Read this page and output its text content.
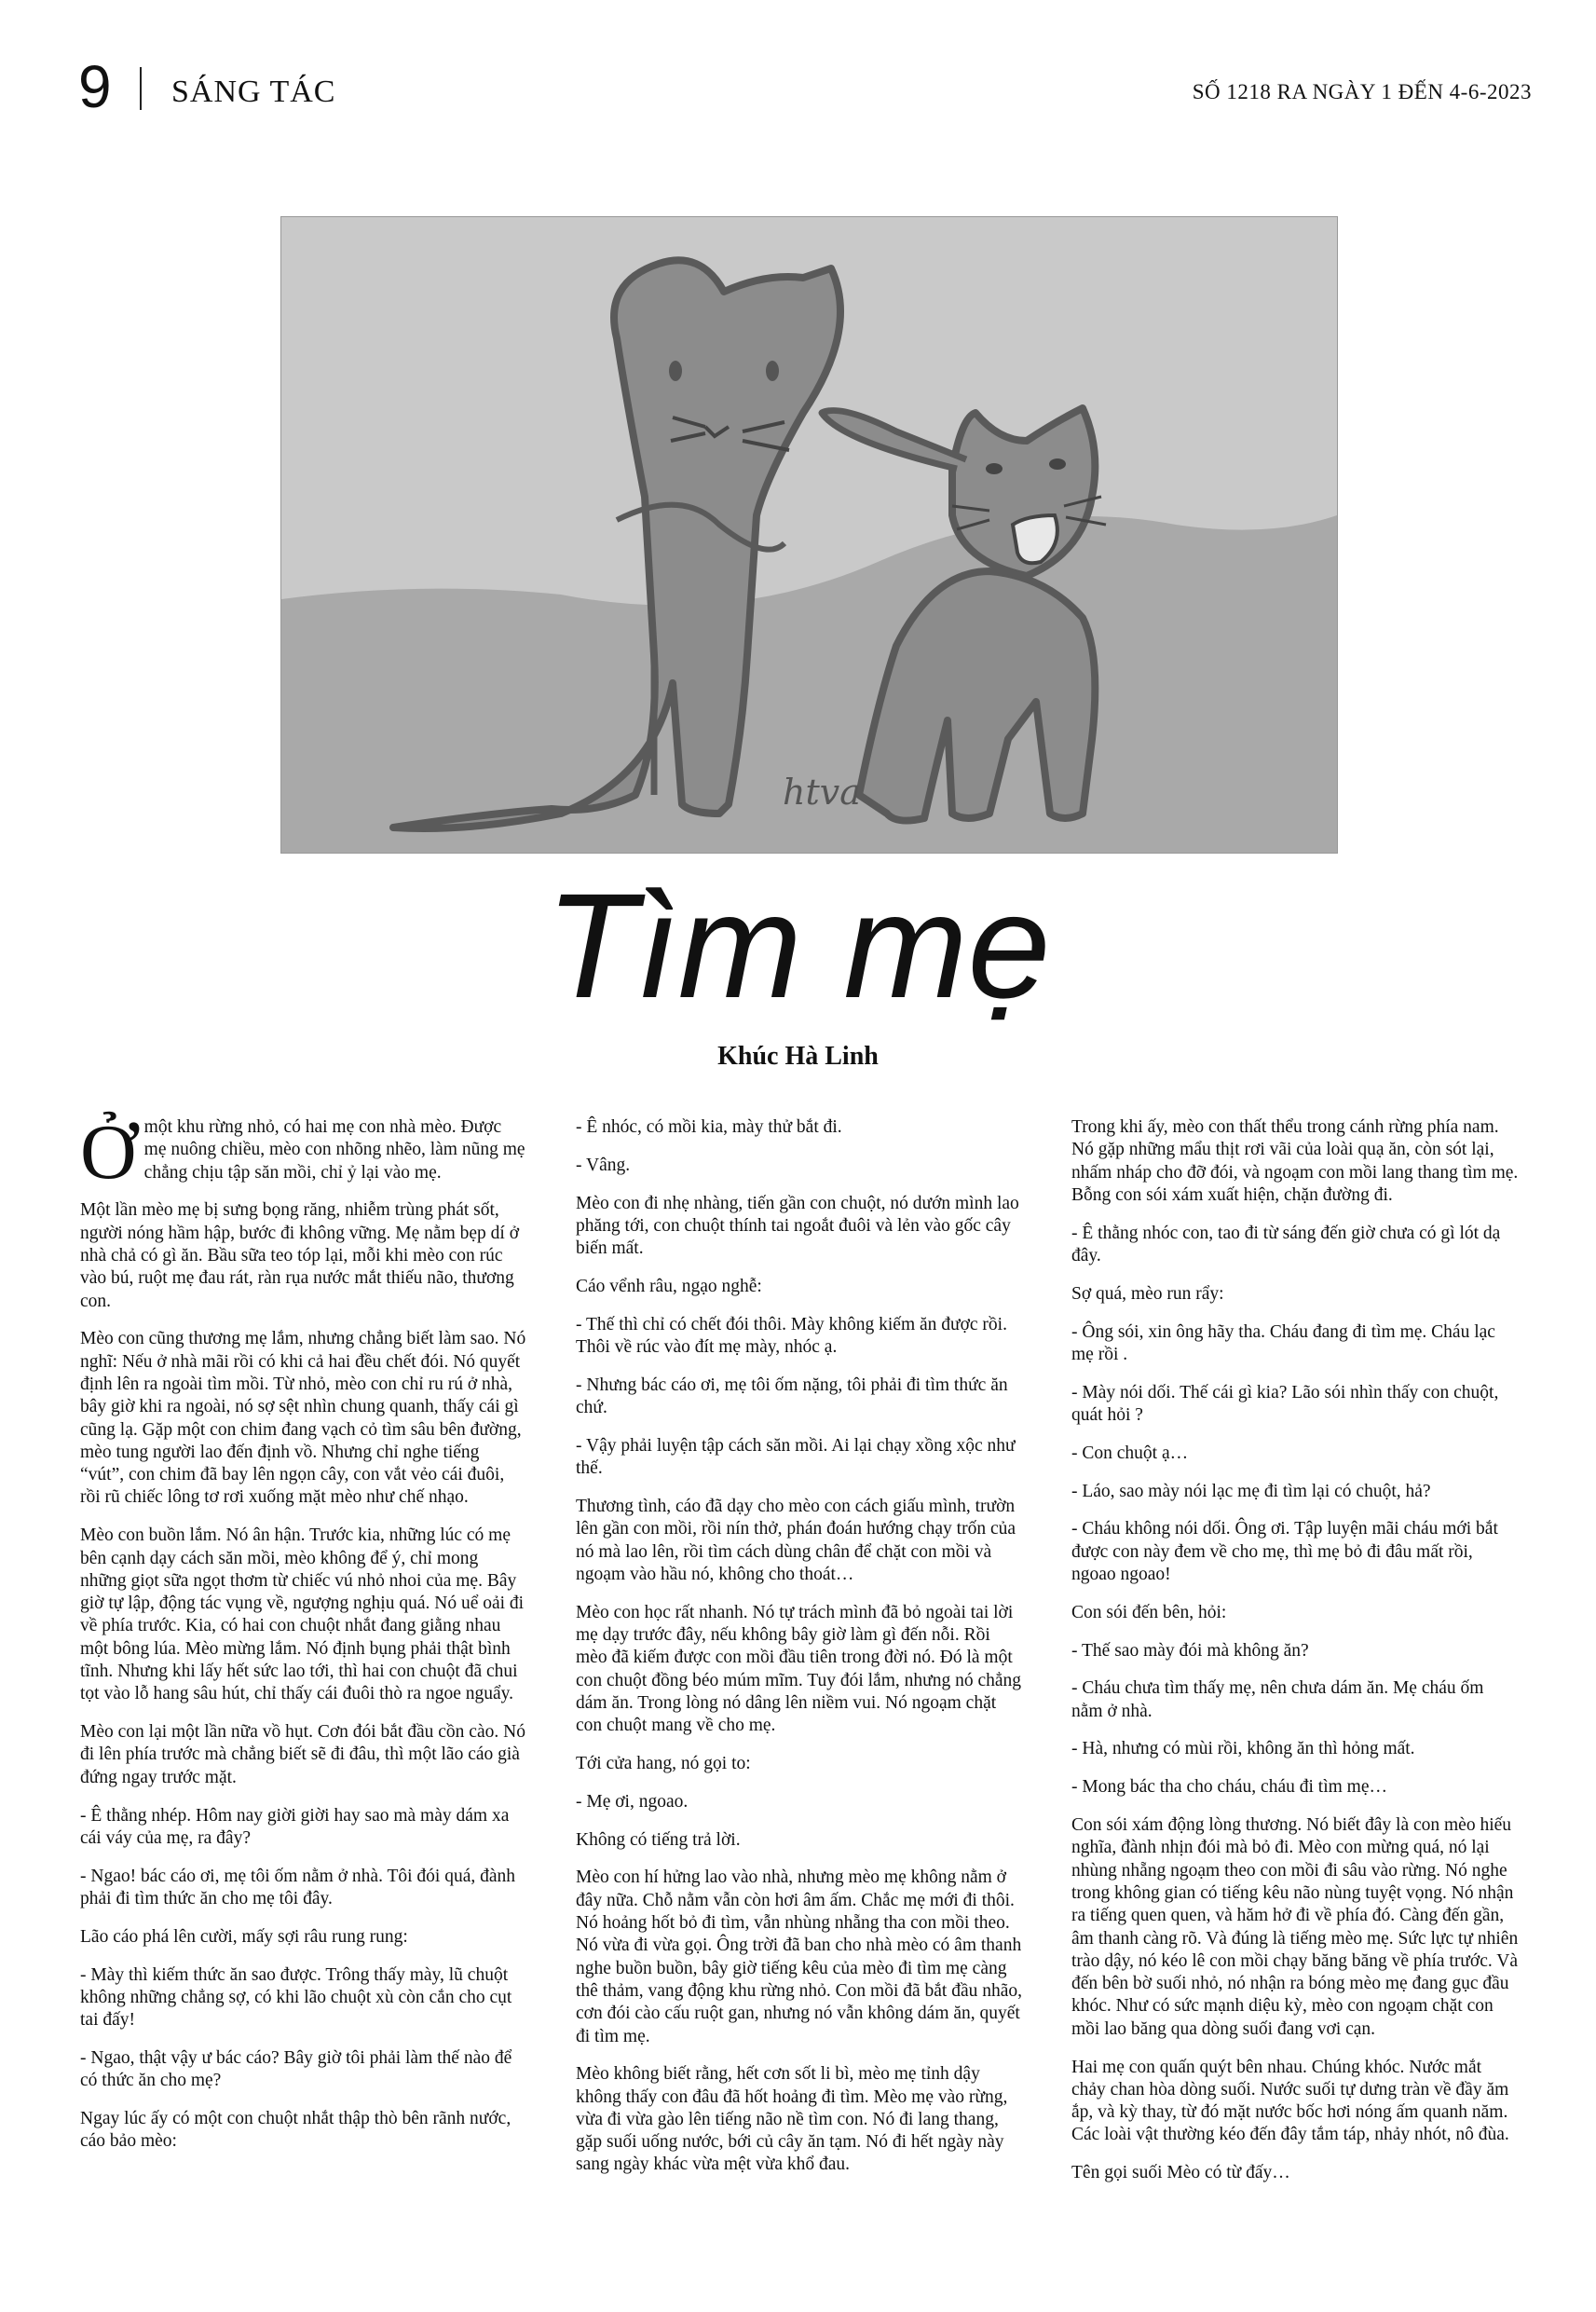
9 SÁNG TÁC	SỐ 1218 RA NGÀY 1 ĐẾN 4-6-2023
htva
Tìm mẹ
Khúc Hà Linh

Ởmột khu rừng nhỏ, có hai mẹ con nhà mèo. Được mẹ nuông chiều, mèo con nhõng nhẽo, làm nũng mẹ chẳng chịu tập săn mồi, chỉ ỷ lại vào mẹ.

Một lần mèo mẹ bị sưng bọng răng, nhiễm trùng phát sốt, người nóng hầm hập, bước đi không vững. Mẹ nằm bẹp dí ở nhà chả có gì ăn. Bầu sữa teo tóp lại, mỗi khi mèo con rúc vào bú, ruột mẹ đau rát, ràn rụa nước mắt thiếu não, thương con.

Mèo con cũng thương mẹ lắm, nhưng chẳng biết làm sao. Nó nghĩ: Nếu ở nhà mãi rồi có khi cả hai đều chết đói. Nó quyết định lên ra ngoài tìm mồi. Từ nhỏ, mèo con chỉ ru rú ở nhà, bây giờ khi ra ngoài, nó sợ sệt nhìn chung quanh, thấy cái gì cũng lạ. Gặp một con chim đang vạch cỏ tìm sâu bên đường, mèo tung người lao đến định vồ. Nhưng chỉ nghe tiếng “vút”, con chim đã bay lên ngọn cây, con vắt vẻo cái đuôi, rồi rũ chiếc lông tơ rơi xuống mặt mèo như chế nhạo.

Mèo con buồn lắm. Nó ân hận. Trước kia, những lúc có mẹ bên cạnh dạy cách săn mồi, mèo không để ý, chỉ mong những giọt sữa ngọt thơm từ chiếc vú nhỏ nhoi của mẹ. Bây giờ tự lập, động tác vụng về, ngượng nghịu quá. Nó uể oải đi về phía trước. Kia, có hai con chuột nhắt đang giằng nhau một bông lúa. Mèo mừng lắm. Nó định bụng phải thật bình tĩnh. Nhưng khi lấy hết sức lao tới, thì hai con chuột đã chui tọt vào lỗ hang sâu hút, chỉ thấy cái đuôi thò ra ngoe nguẩy.

Mèo con lại một lần nữa vồ hụt. Cơn đói bắt đầu cồn cào. Nó đi lên phía trước mà chẳng biết sẽ đi đâu, thì một lão cáo già đứng ngay trước mặt.

- Ê thằng nhép. Hôm nay giời giời hay sao mà mày dám xa cái váy của mẹ, ra đây?

- Ngao! bác cáo ơi, mẹ tôi ốm nằm ở nhà. Tôi đói quá, đành phải đi tìm thức ăn cho mẹ tôi đây.

Lão cáo phá lên cười, mấy sợi râu rung rung:

- Mày thì kiếm thức ăn sao được. Trông thấy mày, lũ chuột không những chẳng sợ, có khi lão chuột xù còn cắn cho cụt tai đấy!

- Ngao, thật vậy ư bác cáo? Bây giờ tôi phải làm thế nào để có thức ăn cho mẹ?

Ngay lúc ấy có một con chuột nhắt thập thò bên rãnh nước, cáo bảo mèo:

- Ê nhóc, có mồi kia, mày thử bắt đi.

- Vâng.

Mèo con đi nhẹ nhàng, tiến gần con chuột, nó dướn mình lao phăng tới, con chuột thính tai ngoắt đuôi và lẻn vào gốc cây biến mất.

Cáo vểnh râu, ngạo nghễ:

- Thế thì chỉ có chết đói thôi. Mày không kiếm ăn được rồi. Thôi về rúc vào đít mẹ mày, nhóc ạ.

- Nhưng bác cáo ơi, mẹ tôi ốm nặng, tôi phải đi tìm thức ăn chứ.

- Vậy phải luyện tập cách săn mồi. Ai lại chạy xồng xộc như thế.

Thương tình, cáo đã dạy cho mèo con cách giấu mình, trườn lên gần con mồi, rồi nín thở, phán đoán hướng chạy trốn của nó mà lao lên, rồi tìm cách dùng chân để chặt con mồi và ngoạm vào hầu nó, không cho thoát…

Mèo con học rất nhanh. Nó tự trách mình đã bỏ ngoài tai lời mẹ dạy trước đây, nếu không bây giờ làm gì đến nỗi. Rồi mèo đã kiếm được con mồi đầu tiên trong đời nó. Đó là một con chuột đồng béo múm mĩm. Tuy đói lắm, nhưng nó chẳng dám ăn. Trong lòng nó dâng lên niềm vui. Nó ngoạm chặt con chuột mang về cho mẹ.

Tới cửa hang, nó gọi to:

- Mẹ ơi, ngoao.

Không có tiếng trả lời.

Mèo con hí hửng lao vào nhà, nhưng mèo mẹ không nằm ở đây nữa. Chỗ nằm vẫn còn hơi âm ấm. Chắc mẹ mới đi thôi. Nó hoảng hốt bỏ đi tìm, vẫn nhùng nhẵng tha con mồi theo. Nó vừa đi vừa gọi. Ông trời đã ban cho nhà mèo có âm thanh nghe buồn buồn, bây giờ tiếng kêu của mèo đi tìm mẹ càng thê thảm, vang động khu rừng nhỏ. Con mồi đã bắt đầu nhão, cơn đói cào cấu ruột gan, nhưng nó vẫn không dám ăn, quyết đi tìm mẹ.

Mèo không biết rằng, hết cơn sốt li bì, mèo mẹ tỉnh dậy không thấy con đâu đã hốt hoảng đi tìm. Mèo mẹ vào rừng, vừa đi vừa gào lên tiếng não nề tìm con. Nó đi lang thang, gặp suối uống nước, bới củ cây ăn tạm. Nó đi hết ngày này sang ngày khác vừa mệt vừa khổ đau.

Trong khi ấy, mèo con thất thểu trong cánh rừng phía nam. Nó gặp những mẩu thịt rơi vãi của loài quạ ăn, còn sót lại, nhấm nháp cho đỡ đói, và ngoạm con mồi lang thang tìm mẹ. Bỗng con sói xám xuất hiện, chặn đường đi.

- Ê thằng nhóc con, tao đi từ sáng đến giờ chưa có gì lót dạ đây.

Sợ quá, mèo run rẩy:

- Ông sói, xin ông hãy tha. Cháu đang đi tìm mẹ. Cháu lạc mẹ rồi .

- Mày nói dối. Thế cái gì kia? Lão sói nhìn thấy con chuột, quát hỏi ?

- Con chuột ạ…

- Láo, sao mày nói lạc mẹ đi tìm lại có chuột, hả?

- Cháu không nói dối. Ông ơi. Tập luyện mãi cháu mới bắt được con này đem về cho mẹ, thì mẹ bỏ đi đâu mất rồi, ngoao ngoao!

Con sói đến bên, hỏi:

- Thế sao mày đói mà không ăn?

- Cháu chưa tìm thấy mẹ, nên chưa dám ăn. Mẹ cháu ốm nằm ở nhà.

- Hà, nhưng có mùi rồi, không ăn thì hỏng mất.

- Mong bác tha cho cháu, cháu đi tìm mẹ…

Con sói xám động lòng thương. Nó biết đây là con mèo hiếu nghĩa, đành nhịn đói mà bỏ đi. Mèo con mừng quá, nó lại nhùng nhẵng ngoạm theo con mồi đi sâu vào rừng. Nó nghe trong không gian có tiếng kêu não nùng tuyệt vọng. Nó nhận ra tiếng quen quen, và hăm hở đi về phía đó. Càng đến gần, âm thanh càng rõ. Và đúng là tiếng mèo mẹ. Sức lực tự nhiên trào dậy, nó kéo lê con mồi chạy băng băng về phía trước. Và đến bên bờ suối nhỏ, nó nhận ra bóng mèo mẹ đang gục đầu khóc. Như có sức mạnh diệu kỳ, mèo con ngoạm chặt con mồi lao băng qua dòng suối đang vơi cạn.

Hai mẹ con quấn quýt bên nhau. Chúng khóc. Nước mắt chảy chan hòa dòng suối. Nước suối tự dưng tràn về đầy ăm ắp, và kỳ thay, từ đó mặt nước bốc hơi nóng ấm quanh năm. Các loài vật thường kéo đến đây tắm táp, nhảy nhót, nô đùa.

Tên gọi suối Mèo có từ đấy…
